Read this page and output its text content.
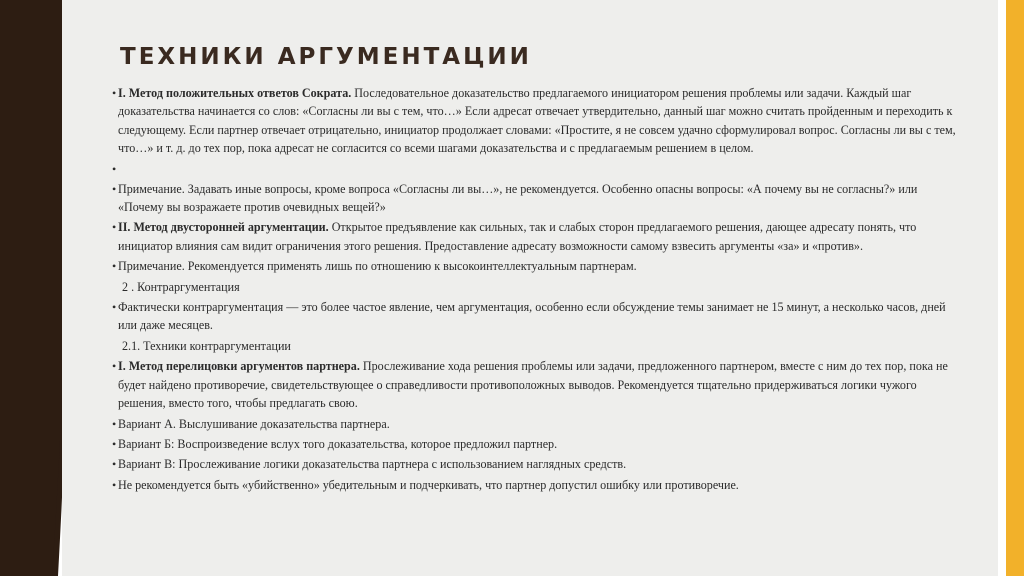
ТЕХНИКИ АРГУМЕНТАЦИИ
• I. Метод положительных ответов Сократа. Последовательное доказательство предлагаемого инициатором решения проблемы или задачи. Каждый шаг доказательства начинается со слов: «Согласны ли вы с тем, что…» Если адресат отвечает утвердительно, данный шаг можно считать пройденным и переходить к следующему. Если партнер отвечает отрицательно, инициатор продолжает словами: «Простите, я не совсем удачно сформулировал вопрос. Согласны ли вы с тем, что…» и т. д. до тех пор, пока адресат не согласится со всеми шагами доказательства и с предлагаемым решением в целом.
•
• Примечание. Задавать иные вопросы, кроме вопроса «Согласны ли вы…», не рекомендуется. Особенно опасны вопросы: «А почему вы не согласны?» или «Почему вы возражаете против очевидных вещей?»
• II. Метод двусторонней аргументации. Открытое предъявление как сильных, так и слабых сторон предлагаемого решения, дающее адресату понять, что инициатор влияния сам видит ограничения этого решения. Предоставление адресату возможности самому взвесить аргументы «за» и «против».
• Примечание. Рекомендуется применять лишь по отношению к высокоинтеллектуальным партнерам.
2 . Контраргументация
• Фактически контраргументация — это более частое явление, чем аргументация, особенно если обсуждение темы занимает не 15 минут, а несколько часов, дней или даже месяцев.
2.1. Техники контраргументации
• I. Метод перелицовки аргументов партнера. Прослеживание хода решения проблемы или задачи, предложенного партнером, вместе с ним до тех пор, пока не будет найдено противоречие, свидетельствующее о справедливости противоположных выводов. Рекомендуется тщательно придерживаться логики чужого решения, вместо того, чтобы предлагать свою.
• Вариант А. Выслушивание доказательства партнера.
• Вариант Б: Воспроизведение вслух того доказательства, которое предложил партнер.
• Вариант В: Прослеживание логики доказательства партнера с использованием наглядных средств.
• Не рекомендуется быть «убийственно» убедительным и подчеркивать, что партнер допустил ошибку или противоречие.
